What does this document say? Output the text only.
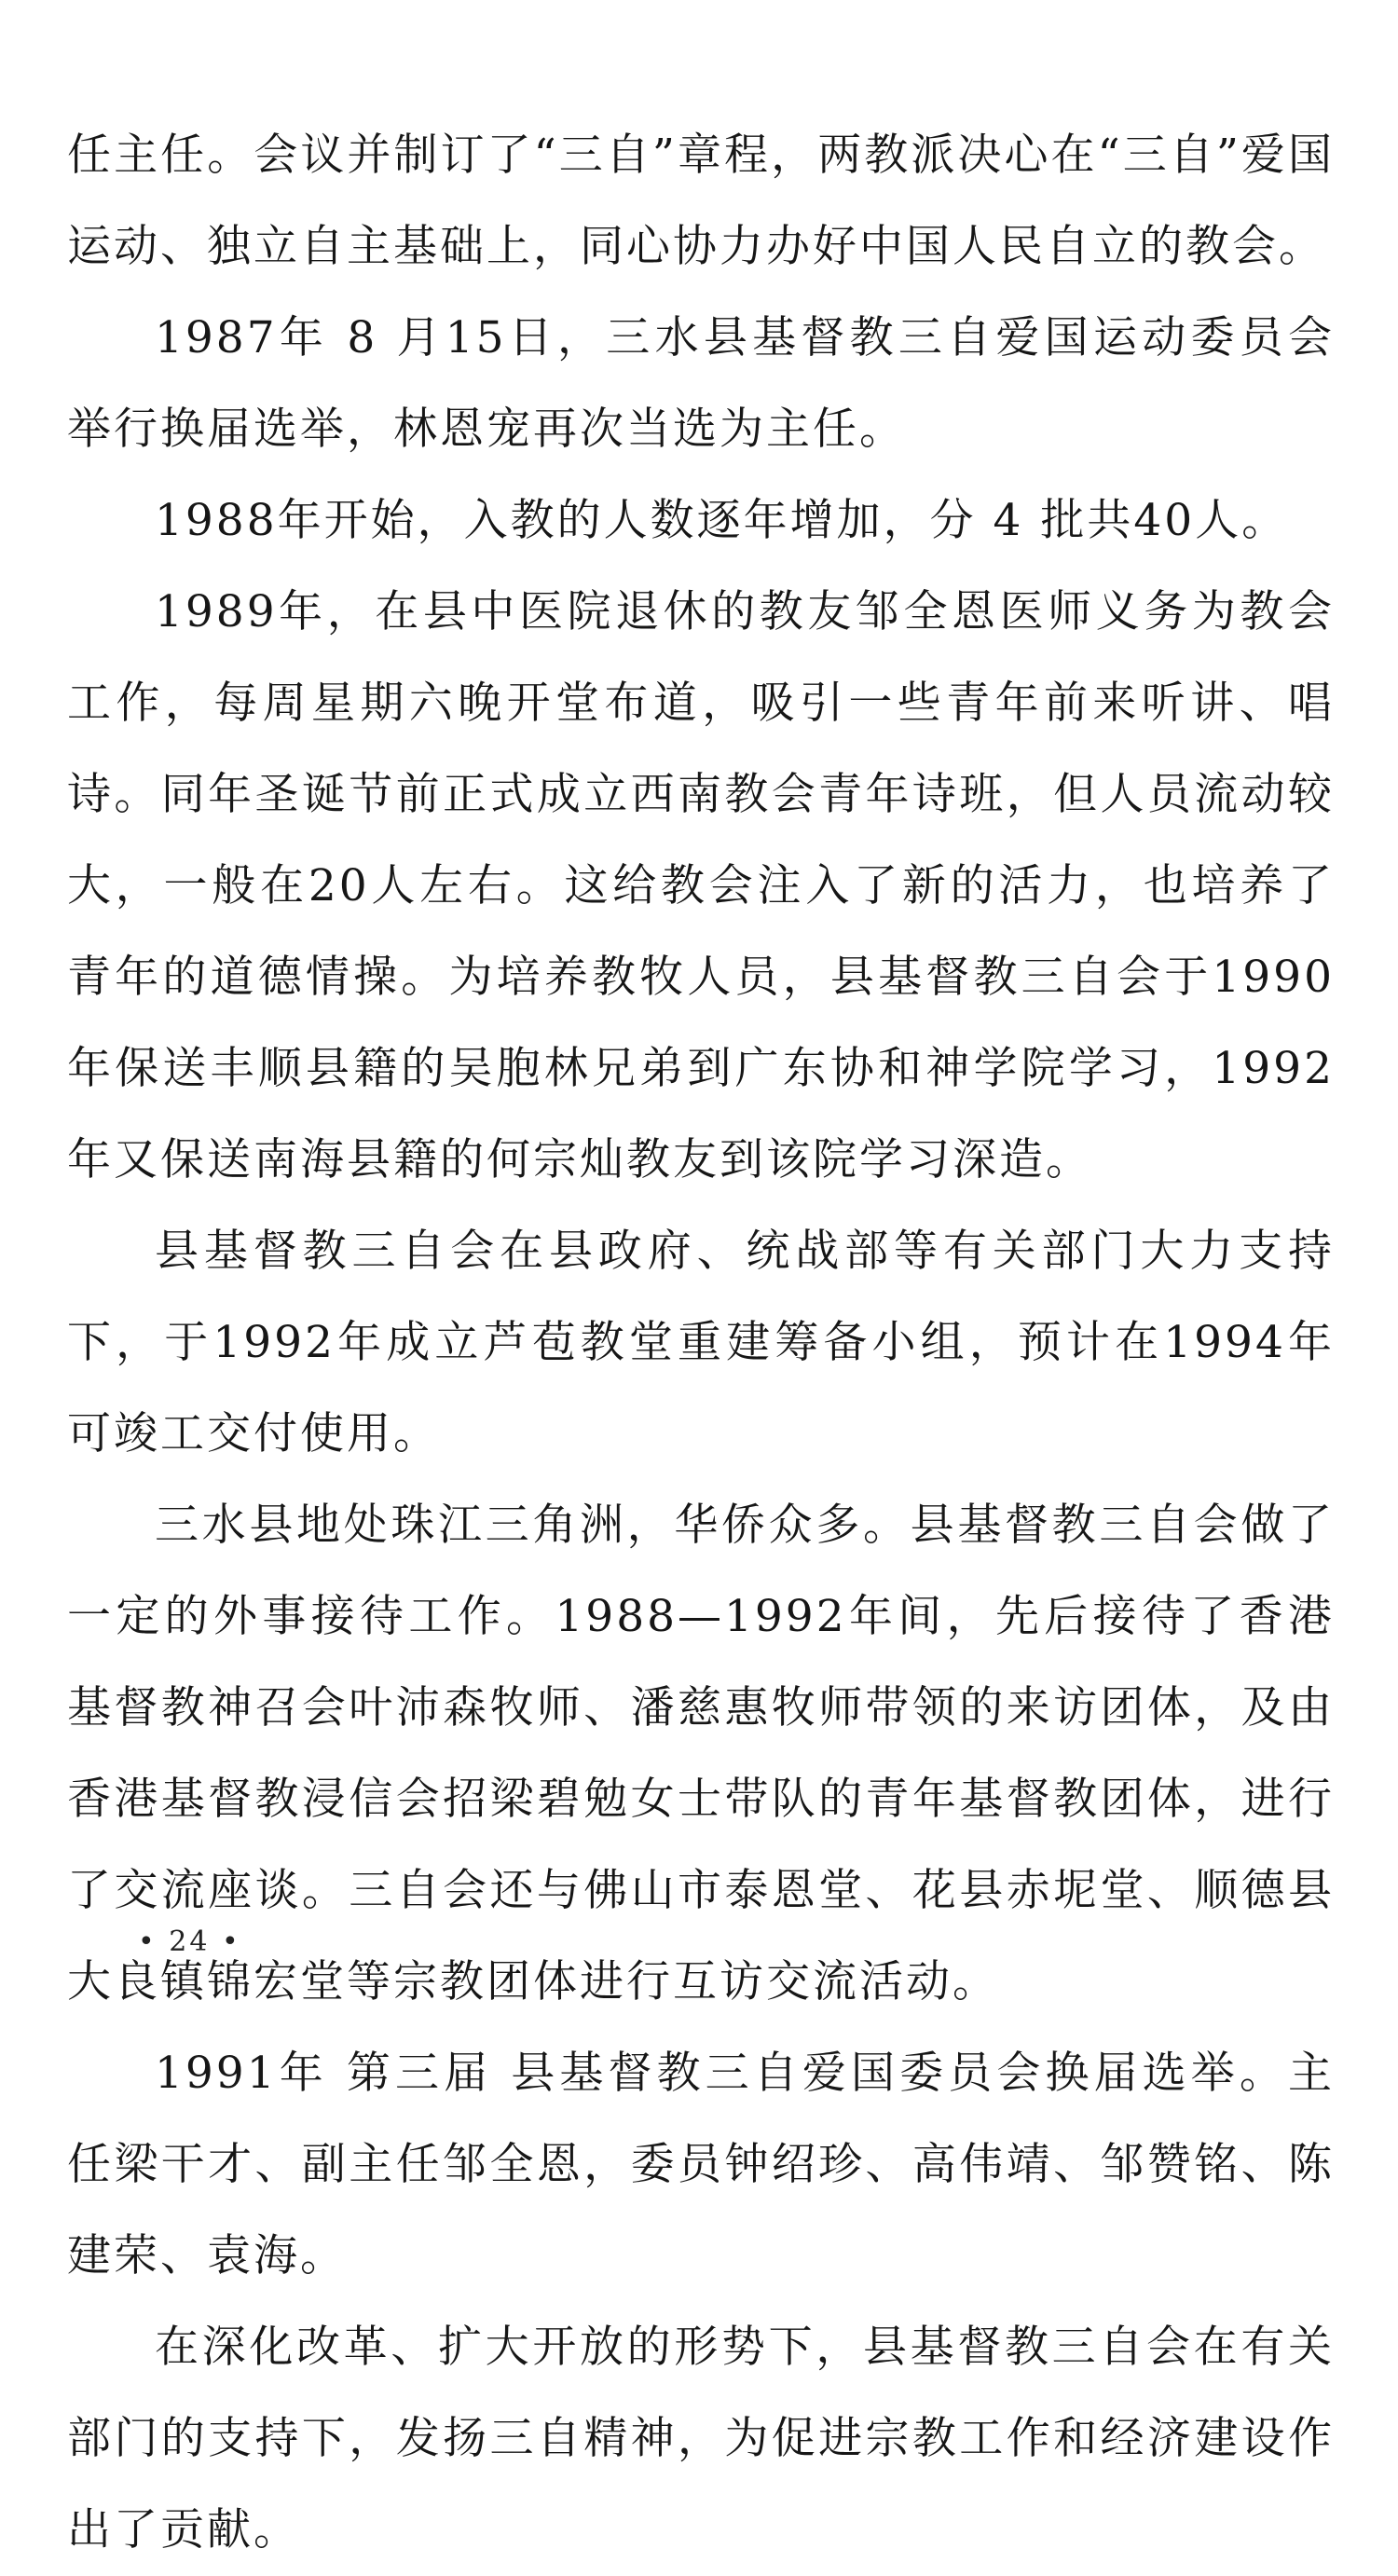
任主任。会议并制订了“三自”章程，两教派决心在“三自”爱国运动、独立自主基础上，同心协力办好中国人民自立的教会。

1987年 8 月15日，三水县基督教三自爱国运动委员会举行换届选举，林恩宠再次当选为主任。

1988年开始，入教的人数逐年增加，分 4 批共40人。

1989年，在县中医院退休的教友邹全恩医师义务为教会工作，每周星期六晚开堂布道，吸引一些青年前来听讲、唱诗。同年圣诞节前正式成立西南教会青年诗班，但人员流动较大，一般在20人左右。这给教会注入了新的活力，也培养了青年的道德情操。为培养教牧人员，县基督教三自会于1990年保送丰顺县籍的吴胞林兄弟到广东协和神学院学习，1992年又保送南海县籍的何宗灿教友到该院学习深造。

县基督教三自会在县政府、统战部等有关部门大力支持下，于1992年成立芦苞教堂重建筹备小组，预计在1994年可竣工交付使用。

三水县地处珠江三角洲，华侨众多。县基督教三自会做了一定的外事接待工作。1988—1992年间，先后接待了香港基督教神召会叶沛森牧师、潘慈惠牧师带领的来访团体，及由香港基督教浸信会招梁碧勉女士带队的青年基督教团体，进行了交流座谈。三自会还与佛山市泰恩堂、花县赤坭堂、顺德县大良镇锦宏堂等宗教团体进行互访交流活动。

1991年 第三届 县基督教三自爱国委员会换届选举。主任梁干才、副主任邹全恩，委员钟绍珍、高伟靖、邹赞铭、陈建荣、袁海。

在深化改革、扩大开放的形势下，县基督教三自会在有关部门的支持下，发扬三自精神，为促进宗教工作和经济建设作出了贡献。

• 24 •
